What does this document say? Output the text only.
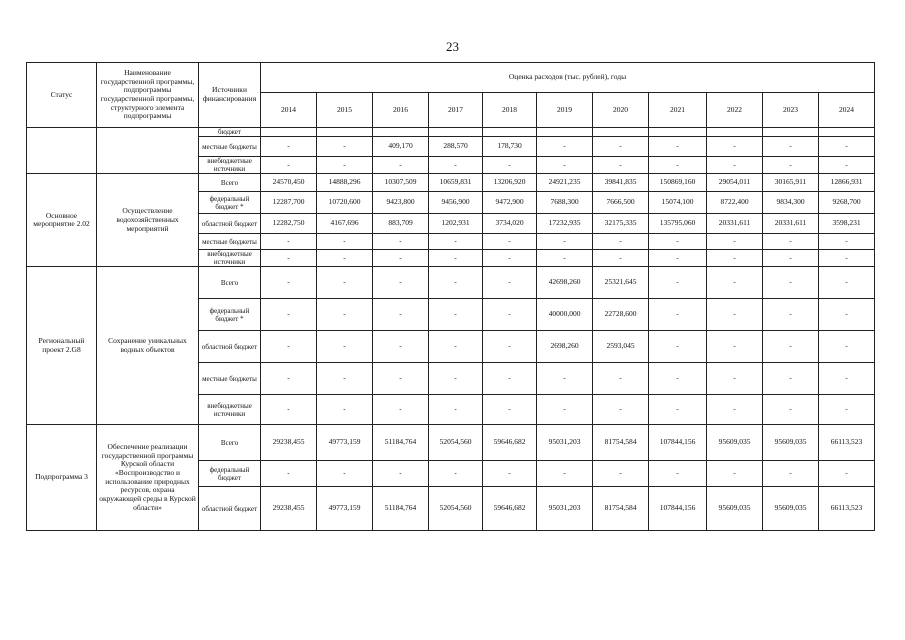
23
Статус	Наименование государственной программы, подпрограммы государственной программы, структурного элемента подпрограммы	Источники финансирования	Оценка расходов (тыс. рублей), годы										
			2014	2015	2016	2017	2018	2019	2020	2021	2022	2023	2024
		бюджет											
		местные бюджеты	-	-	409,170	288,570	178,730	-	-	-	-	-	-
		внебюджетные источники	-	-	-	-	-	-	-	-	-	-	-
Основное мероприятие 2.02	Осуществление водохозяйственных мероприятий	Всего	24570,450	14888,296	10307,509	10659,831	13206,920	24921,235	39841,835	150869,160	29054,011	30165,911	12866,931
		федеральный бюджет *	12287,700	10720,600	9423,800	9456,900	9472,900	7688,300	7666,500	15074,100	8722,400	9834,300	9268,700
		областной бюджет	12282,750	4167,696	883,709	1202,931	3734,020	17232,935	32175,335	135795,060	20331,611	20331,611	3598,231
		местные бюджеты	-	-	-	-	-	-	-	-	-	-	-
		внебюджетные источники	-	-	-	-	-	-	-	-	-	-	-
Региональный проект 2.G8	Сохранение уникальных водных объектов	Всего	-	-	-	-	-	42698,260	25321,645	-	-	-	-
		федеральный бюджет *	-	-	-	-	-	40000,000	22728,600	-	-	-	-
		областной бюджет	-	-	-	-	-	2698,260	2593,045	-	-	-	-
		местные бюджеты	-	-	-	-	-	-	-	-	-	-	-
		внебюджетные источники	-	-	-	-	-	-	-	-	-	-	-
Подпрограмма 3	Обеспечение реализации государственной программы Курской области «Воспроизводство и использование природных ресурсов, охрана окружающей среды в Курской области»	Всего	29238,455	49773,159	51184,764	52054,560	59646,682	95031,203	81754,584	107844,156	95609,035	95609,035	66113,523
		федеральный бюджет	-	-	-	-	-	-	-	-	-	-	-
		областной бюджет	29238,455	49773,159	51184,764	52054,560	59646,682	95031,203	81754,584	107844,156	95609,035	95609,035	66113,523
